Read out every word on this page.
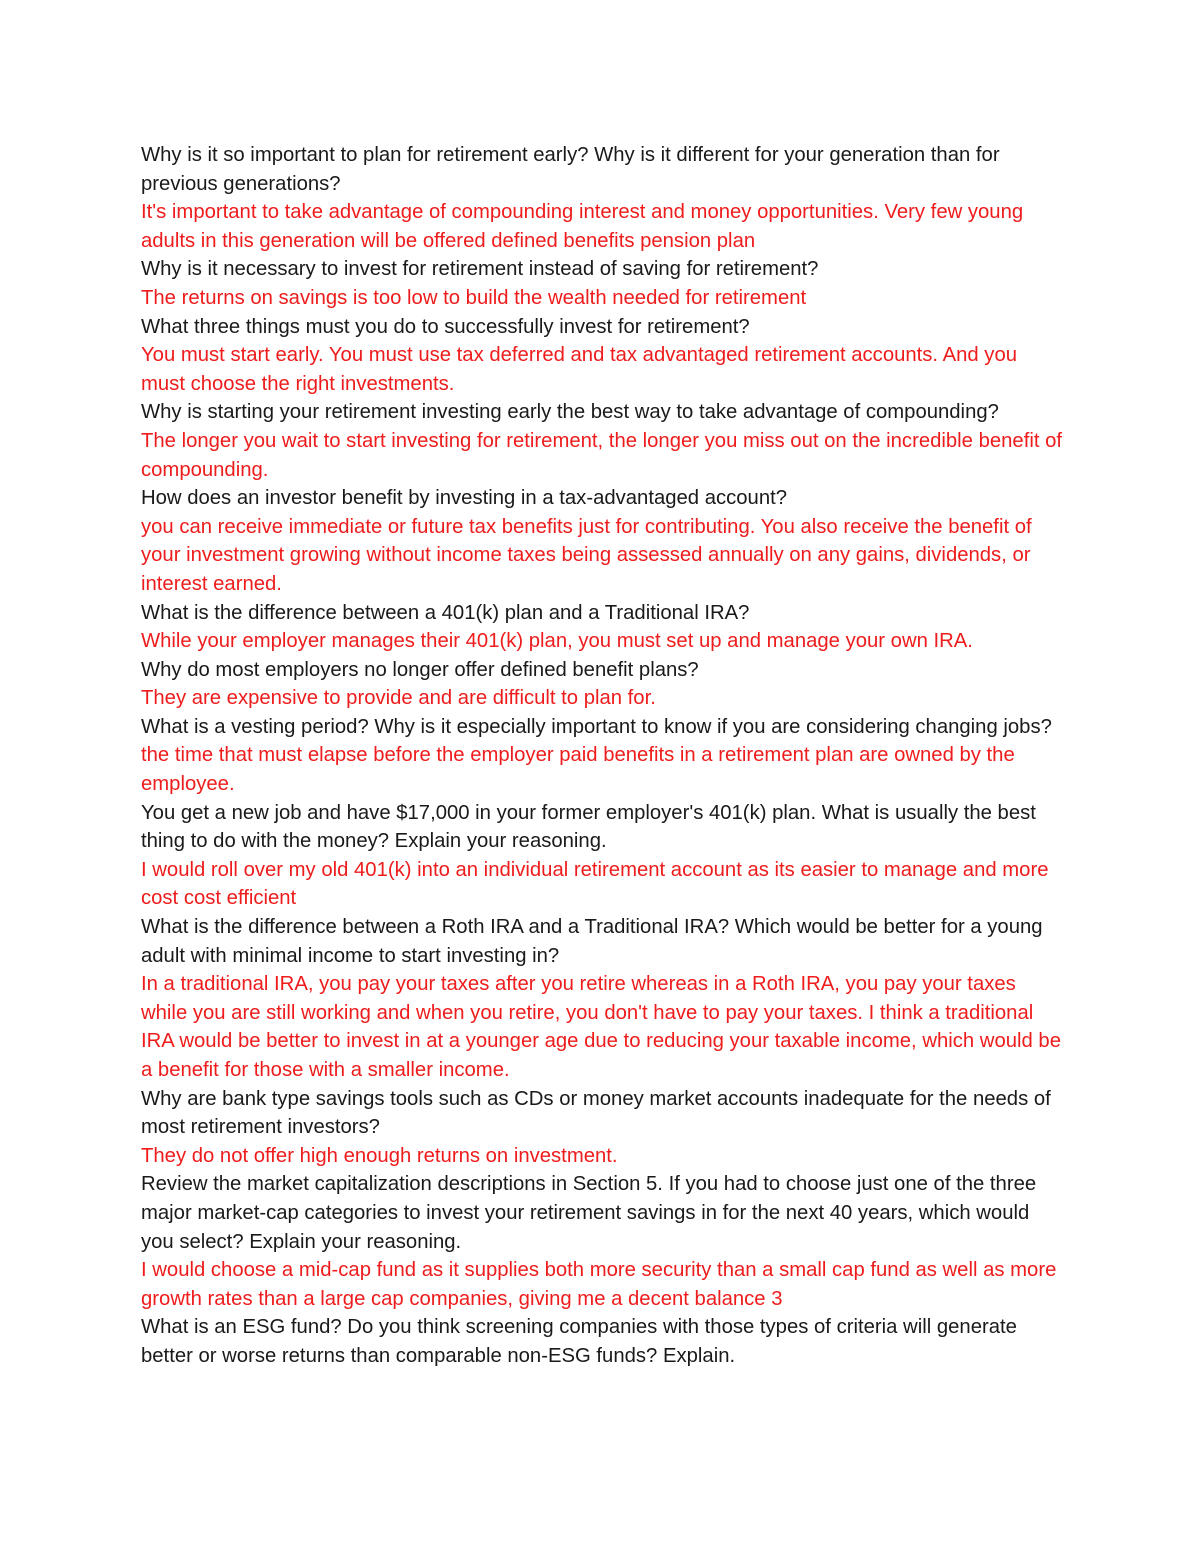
Why is it so important to plan for retirement early? Why is it different for your generation than for previous generations?

It's important to take advantage of compounding interest and money opportunities. Very few young adults in this generation will be offered defined benefits pension plan

Why is it necessary to invest for retirement instead of saving for retirement?

The returns on savings is too low to build the wealth needed for retirement

What three things must you do to successfully invest for retirement?

You must start early. You must use tax deferred and tax advantaged retirement accounts. And you must choose the right investments.

Why is starting your retirement investing early the best way to take advantage of compounding?

The longer you wait to start investing for retirement, the longer you miss out on the incredible benefit of compounding.

How does an investor benefit by investing in a tax-advantaged account?

you can receive immediate or future tax benefits just for contributing. You also receive the benefit of your investment growing without income taxes being assessed annually on any gains, dividends, or interest earned.

What is the difference between a 401(k) plan and a Traditional IRA?

While your employer manages their 401(k) plan, you must set up and manage your own IRA.

Why do most employers no longer offer defined benefit plans?

They are expensive to provide and are difficult to plan for.

What is a vesting period? Why is it especially important to know if you are considering changing jobs?

the time that must elapse before the employer paid benefits in a retirement plan are owned by the employee.

You get a new job and have $17,000 in your former employer's 401(k) plan. What is usually the best thing to do with the money? Explain your reasoning.

I would roll over my old 401(k) into an individual retirement account as its easier to manage and more cost cost efficient

What is the difference between a Roth IRA and a Traditional IRA? Which would be better for a young adult with minimal income to start investing in?

In a traditional IRA, you pay your taxes after you retire whereas in a Roth IRA, you pay your taxes while you are still working and when you retire, you don't have to pay your taxes. I think a traditional IRA would be better to invest in at a younger age due to reducing your taxable income, which would be a benefit for those with a smaller income.

Why are bank type savings tools such as CDs or money market accounts inadequate for the needs of most retirement investors?

They do not offer high enough returns on investment.

Review the market capitalization descriptions in Section 5. If you had to choose just one of the three major market-cap categories to invest your retirement savings in for the next 40 years, which would you select? Explain your reasoning.

I would choose a mid-cap fund as it supplies both more security than a small cap fund as well as more growth rates than a large cap companies, giving me a decent balance 3

What is an ESG fund? Do you think screening companies with those types of criteria will generate better or worse returns than comparable non-ESG funds? Explain.
